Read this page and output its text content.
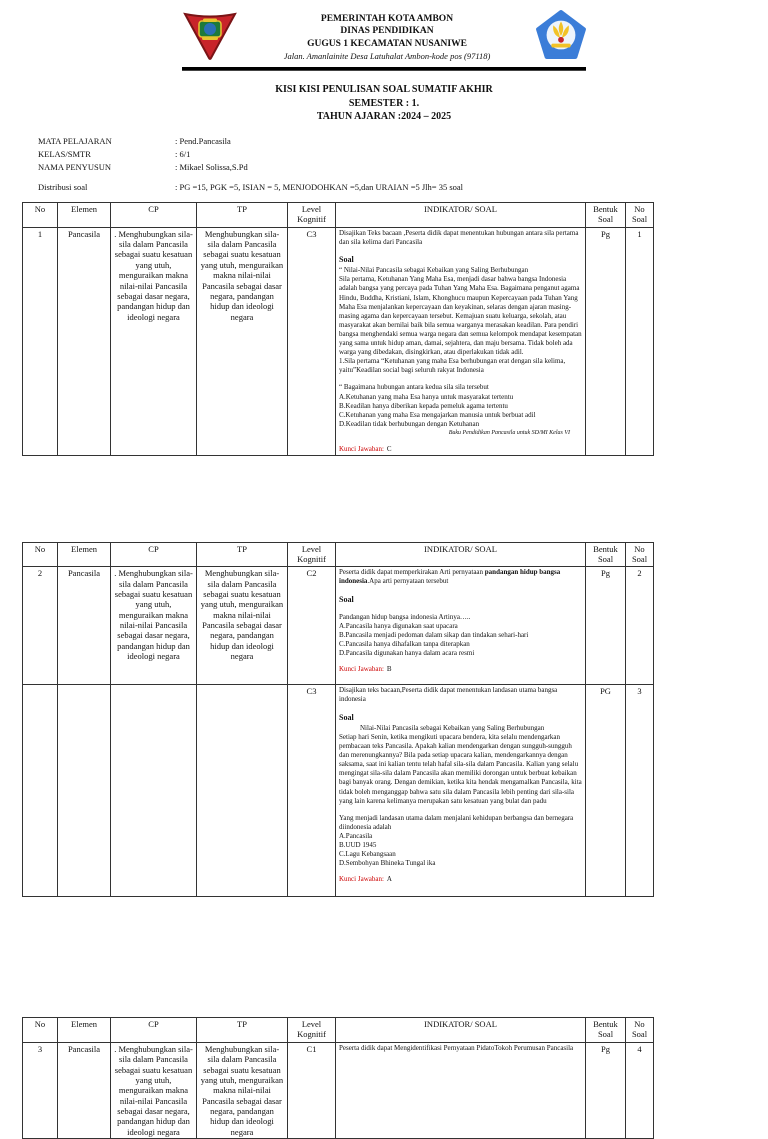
PEMERINTAH KOTA AMBON
DINAS PENDIDIKAN
GUGUS 1 KECAMATAN NUSANIWE
Jalan. Amanlainite Desa Latuhalat Ambon-kode pos (97118)
KISI KISI PENULISAN SOAL SUMATIF AKHIR
SEMESTER : 1.
TAHUN AJARAN :2024 – 2025
MATA PELAJARAN	: Pend.Pancasila
KELAS/SMTR	: 6/1
NAMA PENYUSUN	: Mikael Solissa,S.Pd
Distribusi soal	: PG =15, PGK =5, ISIAN = 5, MENJODOHKAN =5,dan URAIAN =5 Jlh= 35 soal
No	Elemen	CP	TP	Level Kognitif	INDIKATOR/ SOAL	Bentuk Soal	No Soal
1	Pancasila	. Menghubungkan sila-sila dalam Pancasila sebagai suatu kesatuan yang utuh, menguraikan makna nilai-nilai Pancasila sebagai dasar negara, pandangan hidup dan ideologi negara	Menghubungkan sila-sila dalam Pancasila sebagai suatu kesatuan yang utuh, menguraikan makna nilai-nilai Pancasila sebagai dasar negara, pandangan hidup dan ideologi negara	C3	Disajikan Teks bacaan ,Peserta didik dapat menentukan hubungan antara sila pertama dan sila kelima dari Pancasila
Soal
“ Nilai-Nilai Pancasila sebagai Kebaikan yang Saling Berhubungan
Sila pertama, Ketuhanan Yang Maha Esa, menjadi dasar bahwa bangsa Indonesia adalah bangsa yang percaya pada Tuhan Yang Maha Esa. Bagaimana penganut agama Hindu, Buddha, Kristiani, Islam, Khonghucu maupun Kepercayaan pada Tuhan Yang Maha Esa menjalankan kepercayaan dan keyakinan, selaras dengan ajaran masing-masing agama dan kepercayaan tersebut. Kemajuan suatu keluarga, sekolah, atau masyarakat akan bernilai baik bila semua warganya merasakan keadilan. Para pendiri bangsa menghendaki semua warga negara dan semua kelompok mendapat kesempatan yang sama untuk hidup aman, damai, sejahtera, dan maju bersama. Tidak boleh ada warga yang dibedakan, disingkirkan, atau diperlakukan tidak adil.
1.Sila pertama “Ketuhanan yang maha Esa berhubungan erat dengan sila kelima, yaitu”Keadilan social bagi seluruh rakyat Indonesia
“ Bagaimana hubungan antara kedua sila sila tersebut
A.Ketuhanan yang maha Esa hanya untuk masyarakat tertentu
B.Keadilan hanya diberikan kepada pemeluk agama tertentu
C.Ketuhanan yang maha Esa mengajarkan manusia untuk berbuat adil
D.Keadilan tidak berhubungan dengan Ketuhanan
Buku Pendidikan Pancasila untuk SD/MI Kelas VI
Kunci Jawaban: C
	Pg	1
No	Elemen	CP	TP	Level Kognitif	INDIKATOR/ SOAL	Bentuk Soal	No Soal
2	Pancasila	. Menghubungkan sila-sila dalam Pancasila sebagai suatu kesatuan yang utuh, menguraikan makna nilai-nilai Pancasila sebagai dasar negara, pandangan hidup dan ideologi negara	Menghubungkan sila-sila dalam Pancasila sebagai suatu kesatuan yang utuh, menguraikan makna nilai-nilai Pancasila sebagai dasar negara, pandangan hidup dan ideologi negara	C2	Peserta didik dapat memperkirakan Arti pernyataan pandangan hidup bangsa indonesia.Apa arti pernyataan tersebut
Soal
Pandangan hidup bangsa indonesia Artinya…..
A.Pancasila hanya digunakan saat upacara
B.Pancasila menjadi pedoman dalam sikap dan tindakan sehari-hari
C.Pancasila hanya dihafalkan tanpa diterapkan
D.Pancasila digunakan hanya dalam acara resmi
Kunci Jawaban: B
	Pg	2
				C3	Disajikan teks bacaan,Peserta didik dapat menentukan landasan utama bangsa indonesia
Soal
Nilai-Nilai Pancasila sebagai Kebaikan yang Saling Berhubungan
Setiap hari Senin, ketika mengikuti upacara bendera, kita selalu mendengarkan pembacaan teks Pancasila. Apakah kalian mendengarkan dengan sungguh-sungguh dan merenungkannya? Bila pada setiap upacara kalian, mendengarkannya dengan saksama, saat ini kalian tentu telah hafal sila-sila dalam Pancasila. Kalian yang selalu mengingat sila-sila dalam Pancasila akan memiliki dorongan untuk berbuat kebaikan bagi banyak orang. Dengan demikian, ketika kita hendak mengamalkan Pancasila, kita tidak boleh menganggap bahwa satu sila dalam Pancasila lebih penting dari sila-sila yang lain karena kelimanya merupakan satu kesatuan yang bulat dan padu
Yang menjadi landasan utama dalam menjalani kehidupan berbangsa dan bernegara diindonesia adalah
A.Pancasila
B.UUD 1945
C.Lagu Kebangsaan
D.Sembohyan Bhineka Tungal ika
Kunci Jawaban: A
	PG	3
No	Elemen	CP	TP	Level Kognitif	INDIKATOR/ SOAL	Bentuk Soal	No Soal
3	Pancasila	. Menghubungkan sila-sila dalam Pancasila sebagai suatu kesatuan yang utuh, menguraikan makna nilai-nilai Pancasila sebagai dasar negara, pandangan hidup dan ideologi negara	Menghubungkan sila-sila dalam Pancasila sebagai suatu kesatuan yang utuh, menguraikan makna nilai-nilai Pancasila sebagai dasar negara, pandangan hidup dan ideologi negara	C1	Peserta didik dapat Mengidentifikasi Pernyataan PidatoTokoh Perumusan Pancasila	Pg	4
